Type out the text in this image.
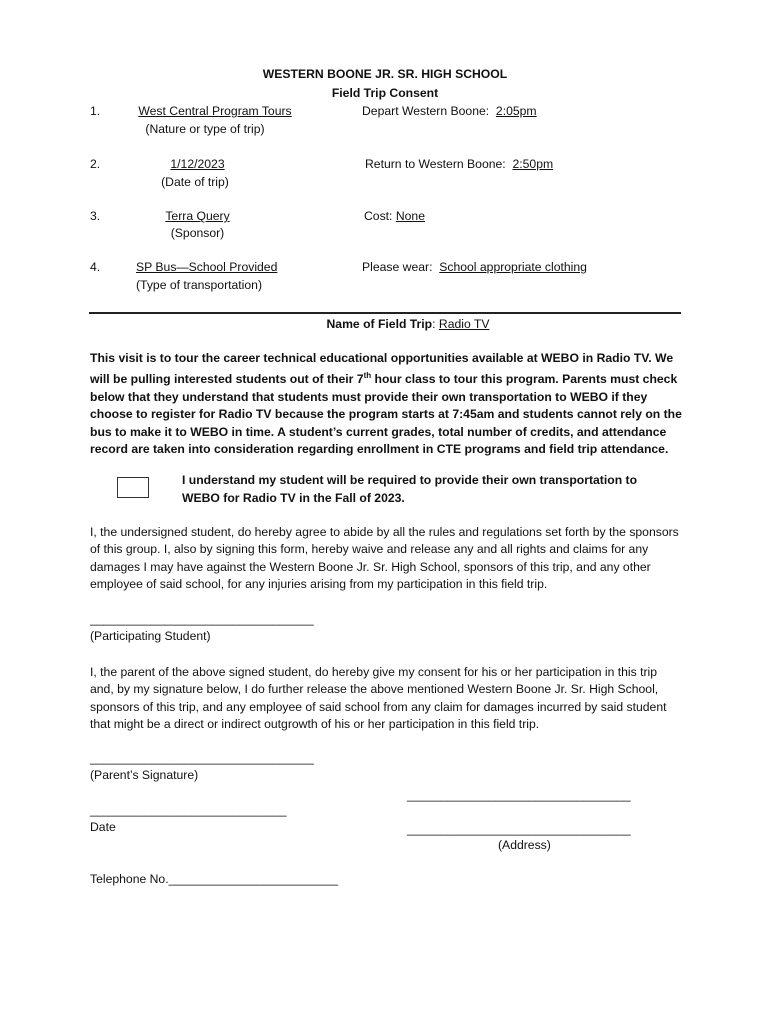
WESTERN BOONE JR. SR. HIGH SCHOOL
Field Trip Consent
1.	West Central Program Tours
(Nature or type of trip)
Depart Western Boone: 2:05pm
2.	1/12/2023
(Date of trip)
Return to Western Boone: 2:50pm
3.	Terra Query
(Sponsor)
Cost: None
4.	SP Bus—School Provided
(Type of transportation)
Please wear: School appropriate clothing
Name of Field Trip: Radio TV
This visit is to tour the career technical educational opportunities available at WEBO in Radio TV. We will be pulling interested students out of their 7th hour class to tour this program. Parents must check below that they understand that students must provide their own transportation to WEBO if they choose to register for Radio TV because the program starts at 7:45am and students cannot rely on the bus to make it to WEBO in time. A student’s current grades, total number of credits, and attendance record are taken into consideration regarding enrollment in CTE programs and field trip attendance.
I understand my student will be required to provide their own transportation to
WEBO for Radio TV in the Fall of 2023.
I, the undersigned student, do hereby agree to abide by all the rules and regulations set forth by the sponsors of this group. I, also by signing this form, hereby waive and release any and all rights and claims for any damages I may have against the Western Boone Jr. Sr. High School, sponsors of this trip, and any other employee of said school, for any injuries arising from my participation in this field trip.
_________________________________
(Participating Student)
I, the parent of the above signed student, do hereby give my consent for his or her participation in this trip and, by my signature below, I do further release the above mentioned Western Boone Jr. Sr. High School, sponsors of this trip, and any employee of said school from any claim for damages incurred by said student that might be a direct or indirect outgrowth of his or her participation in this field trip.
_________________________________
(Parent’s Signature)
_________________________________
_____________________________
Date	_________________________________
(Address)
Telephone No._________________________
